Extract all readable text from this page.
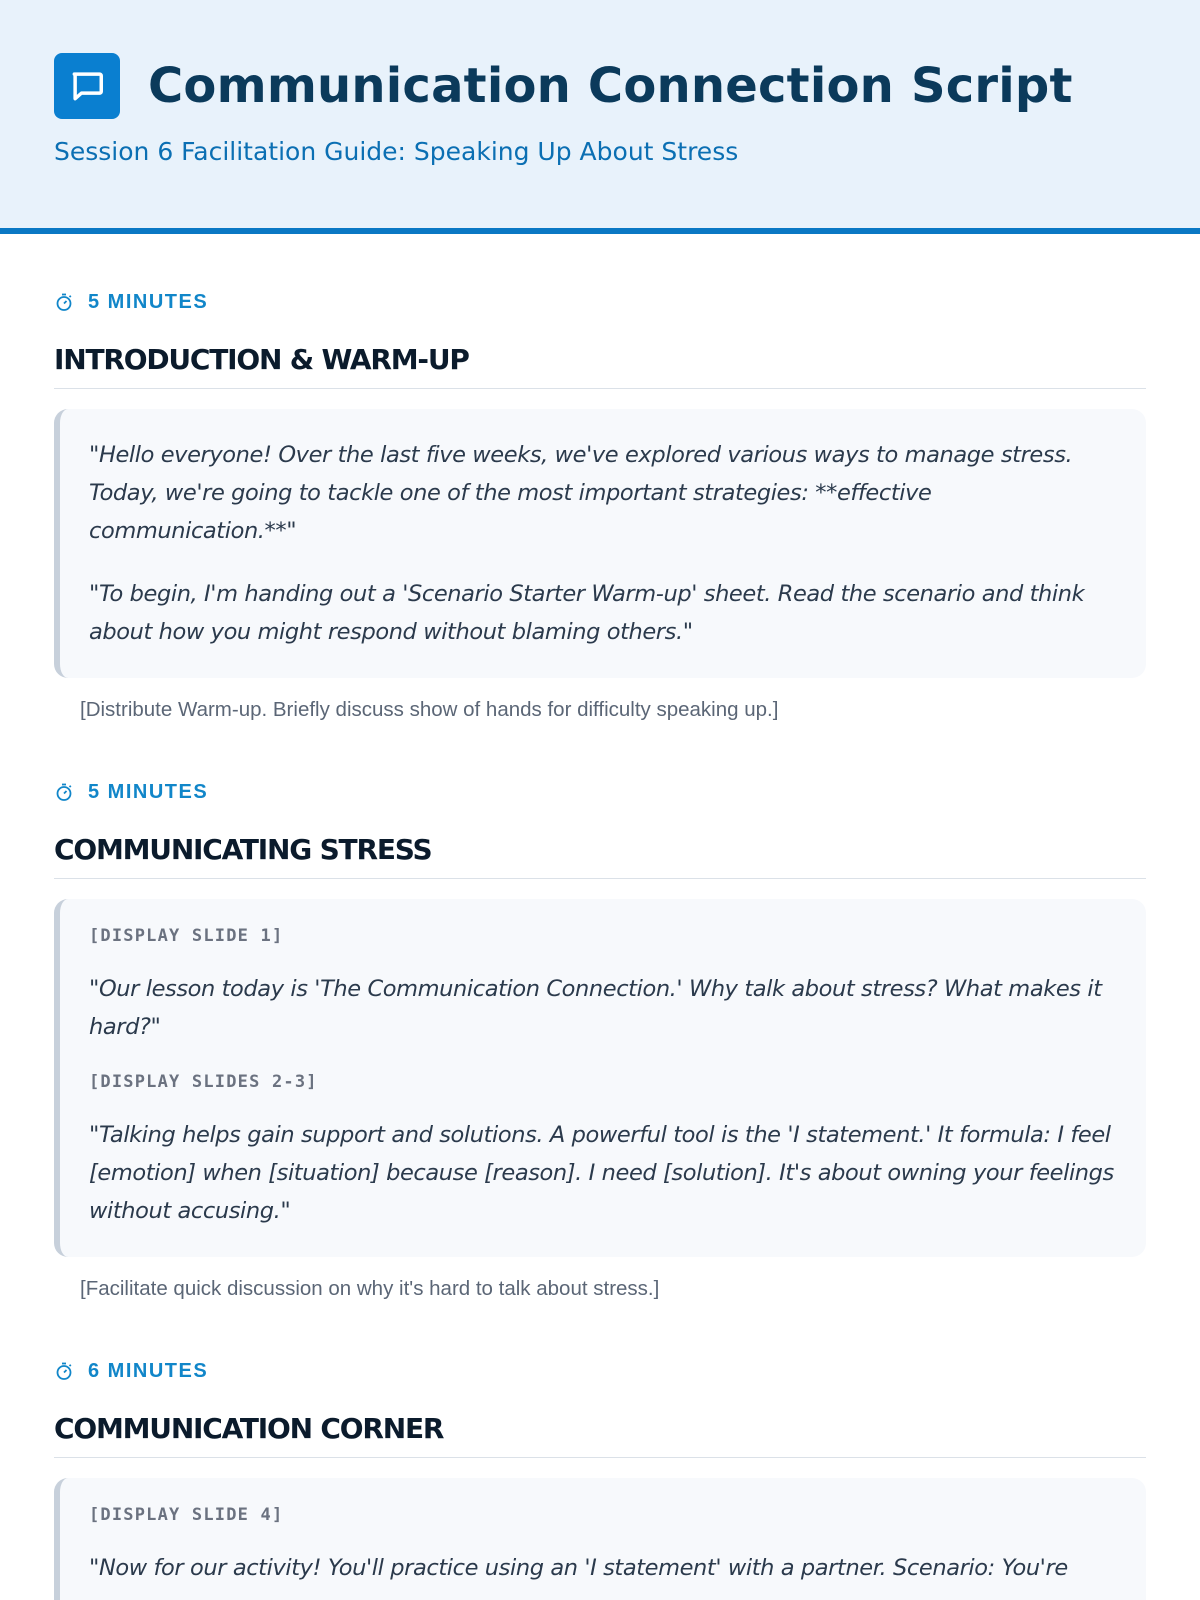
Communication Connection Script
Session 6 Facilitation Guide: Speaking Up About Stress
5 MINUTES
INTRODUCTION & WARM-UP

"Hello everyone! Over the last five weeks, we've explored various ways to manage stress. Today, we're going to tackle one of the most important strategies: **effective communication.**"

"To begin, I'm handing out a 'Scenario Starter Warm-up' sheet. Read the scenario and think about how you might respond without blaming others."

[Distribute Warm-up. Briefly discuss show of hands for difficulty speaking up.]
5 MINUTES
COMMUNICATING STRESS
[DISPLAY SLIDE 1]

"Our lesson today is 'The Communication Connection.' Why talk about stress? What makes it hard?"

[DISPLAY SLIDES 2-3]

"Talking helps gain support and solutions. A powerful tool is the 'I statement.' It formula: I feel [emotion] when [situation] because [reason]. I need [solution]. It's about owning your feelings without accusing."

[Facilitate quick discussion on why it's hard to talk about stress.]
6 MINUTES
COMMUNICATION CORNER
[DISPLAY SLIDE 4]

"Now for our activity! You'll practice using an 'I statement' with a partner. Scenario: You're
